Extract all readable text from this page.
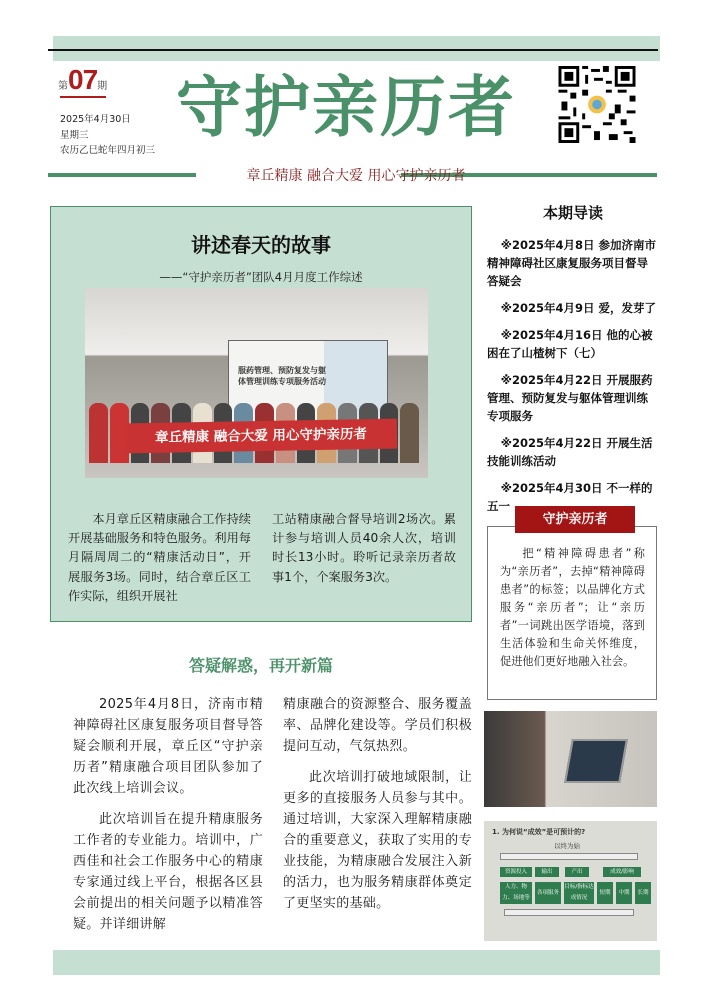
第07期
2025年4月30日
星期三
农历乙巳蛇年四月初三
守护亲历者
章丘精康 融合大爱 用心守护亲历者
讲述春天的故事
——“守护亲历者”团队4月月度工作综述
服药管理、预防复发与躯体管理训练专项服务活动
章丘精康 融合大爱 用心守护亲历者
本月章丘区精康融合工作持续开展基础服务和特色服务。利用每月隔周周二的“精康活动日”，开展服务3场。同时，结合章丘区工作实际，组织开展社
工站精康融合督导培训2场次。累计参与培训人员40余人次，培训时长13小时。聆听记录亲历者故事1个，个案服务3次。
答疑解惑，再开新篇

2025年4月8日，济南市精神障碍社区康复服务项目督导答疑会顺利开展，章丘区“守护亲历者”精康融合项目团队参加了此次线上培训会议。

此次培训旨在提升精康服务工作者的专业能力。培训中，广西佳和社会工作服务中心的精康专家通过线上平台，根据各区县会前提出的相关问题予以精准答疑。并详细讲解

精康融合的资源整合、服务覆盖率、品牌化建设等。学员们积极提问互动，气氛热烈。

此次培训打破地域限制，让更多的直接服务人员参与其中。通过培训，大家深入理解精康融合的重要意义，获取了实用的专业技能，为精康融合发展注入新的活力，也为服务精康群体奠定了更坚实的基础。

本期导读
※2025年4月8日 参加济南市精神障碍社区康复服务项目督导答疑会
※2025年4月9日 爱，发芽了
※2025年4月16日 他的心被困在了山楂树下（七）
※2025年4月22日 开展服药管理、预防复发与躯体管理训练专项服务
※2025年4月22日 开展生活技能训练活动
※2025年4月30日 不一样的五一
把“精神障碍患者”称为“亲历者”，去掉“精神障碍患者”的标签；以品牌化方式服务“亲历者”；让“亲历者”一词跳出医学语境，落到生活体验和生命关怀维度，促进他们更好地融入社会。
守护亲历者
1. 为何说“成效”是可预计的?
以终为始
资源投入	输出	产出	成效/影响
人力、物力、场地等
各项服务
目标/指标达成情况
短期	中期	长期
